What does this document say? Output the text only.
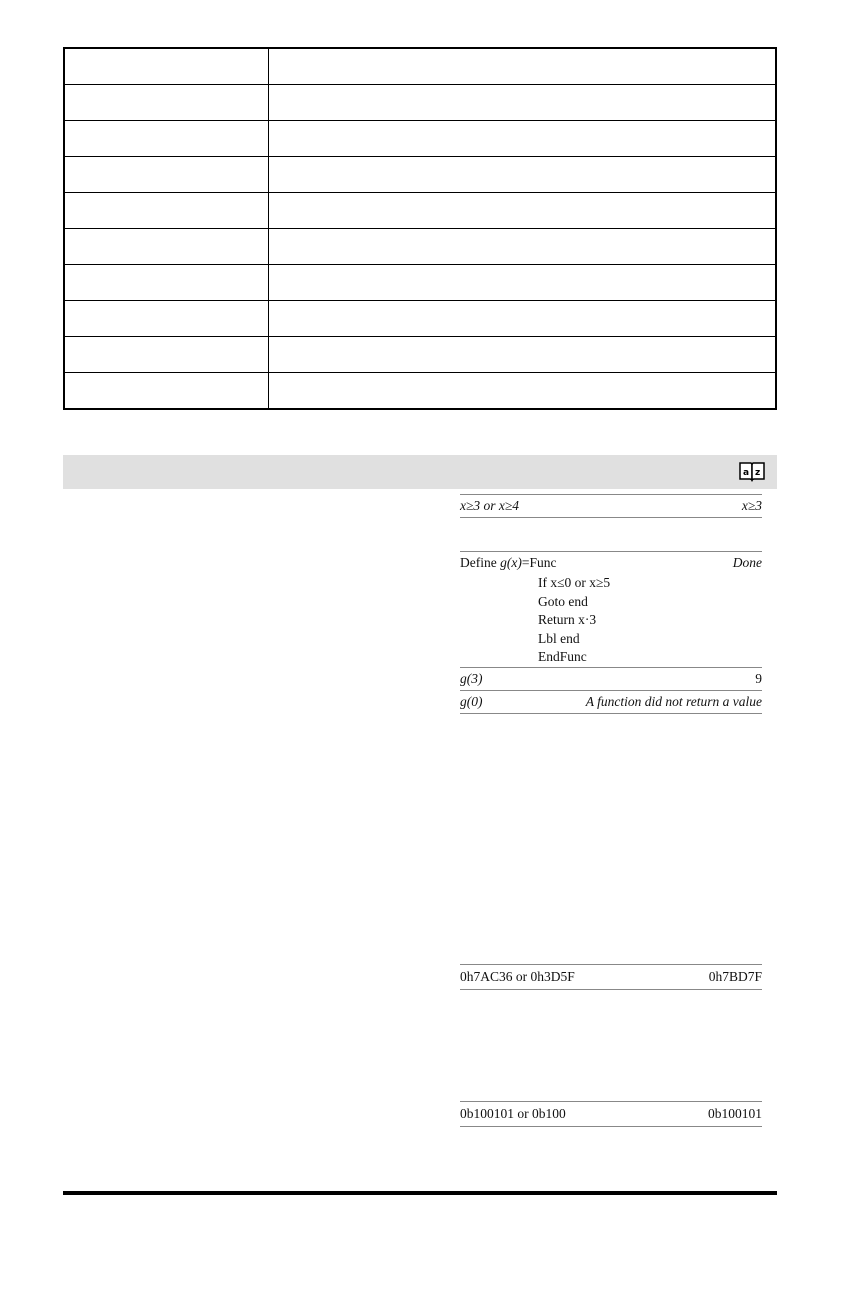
a z
x≥3 or x≥4	x≥3
Define g(x)=Func	Done
If x≤0 or x≥5
Goto end
Return x·3
Lbl end
EndFunc
g(3)	9
g(0)	A function did not return a value
0h7AC36 or 0h3D5F	0h7BD7F
0b100101 or 0b100	0b100101
